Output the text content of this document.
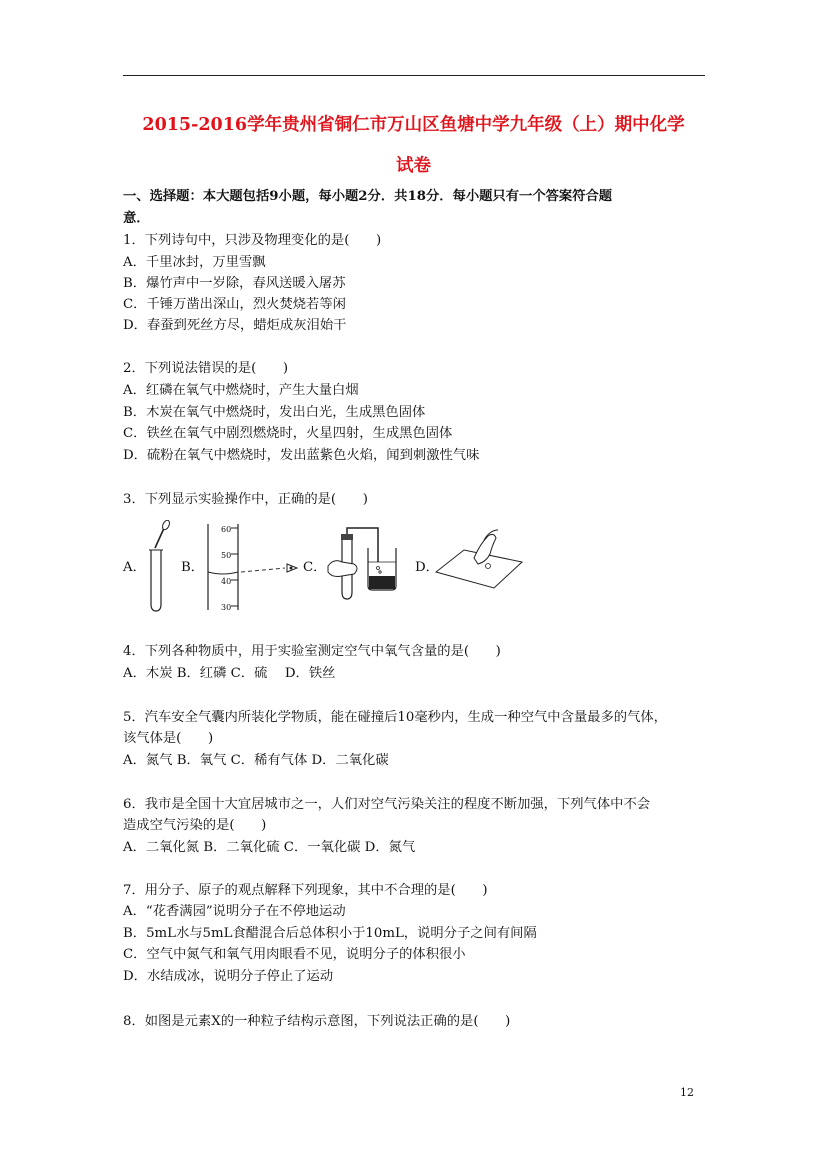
2015-2016学年贵州省铜仁市万山区鱼塘中学九年级（上）期中化学
试卷
一、选择题：本大题包括9小题，每小题2分．共18分．每小题只有一个答案符合题
意．
1．下列诗句中，只涉及物理变化的是(　　)
A．千里冰封，万里雪飘
B．爆竹声中一岁除，春风送暖入屠苏
C．千锤万凿出深山，烈火焚烧若等闲
D．春蚕到死丝方尽，蜡炬成灰泪始干
2．下列说法错误的是(　　)
A．红磷在氧气中燃烧时，产生大量白烟
B．木炭在氧气中燃烧时，发出白光，生成黑色固体
C．铁丝在氧气中剧烈燃烧时，火星四射，生成黑色固体
D．硫粉在氧气中燃烧时，发出蓝紫色火焰，闻到刺激性气味
3．下列显示实验操作中，正确的是(　　)
A．	B．
60
50
40
30
C．	D．
4．下列各种物质中，用于实验室测定空气中氧气含量的是(　　)
A．木炭 B．红磷 C．硫　 D．铁丝
5．汽车安全气囊内所装化学物质，能在碰撞后10毫秒内，生成一种空气中含量最多的气体，
该气体是(　　)
A．氮气 B．氧气 C．稀有气体 D．二氧化碳
6．我市是全国十大宜居城市之一，人们对空气污染关注的程度不断加强，下列气体中不会
造成空气污染的是(　　)
A．二氧化氮 B．二氧化硫 C．一氧化碳 D．氮气
7．用分子、原子的观点解释下列现象，其中不合理的是(　　)
A．“花香满园”说明分子在不停地运动
B．5mL水与5mL食醋混合后总体积小于10mL，说明分子之间有间隔
C．空气中氮气和氧气用肉眼看不见，说明分子的体积很小
D．水结成冰，说明分子停止了运动
8．如图是元素X的一种粒子结构示意图，下列说法正确的是(　　)
12
